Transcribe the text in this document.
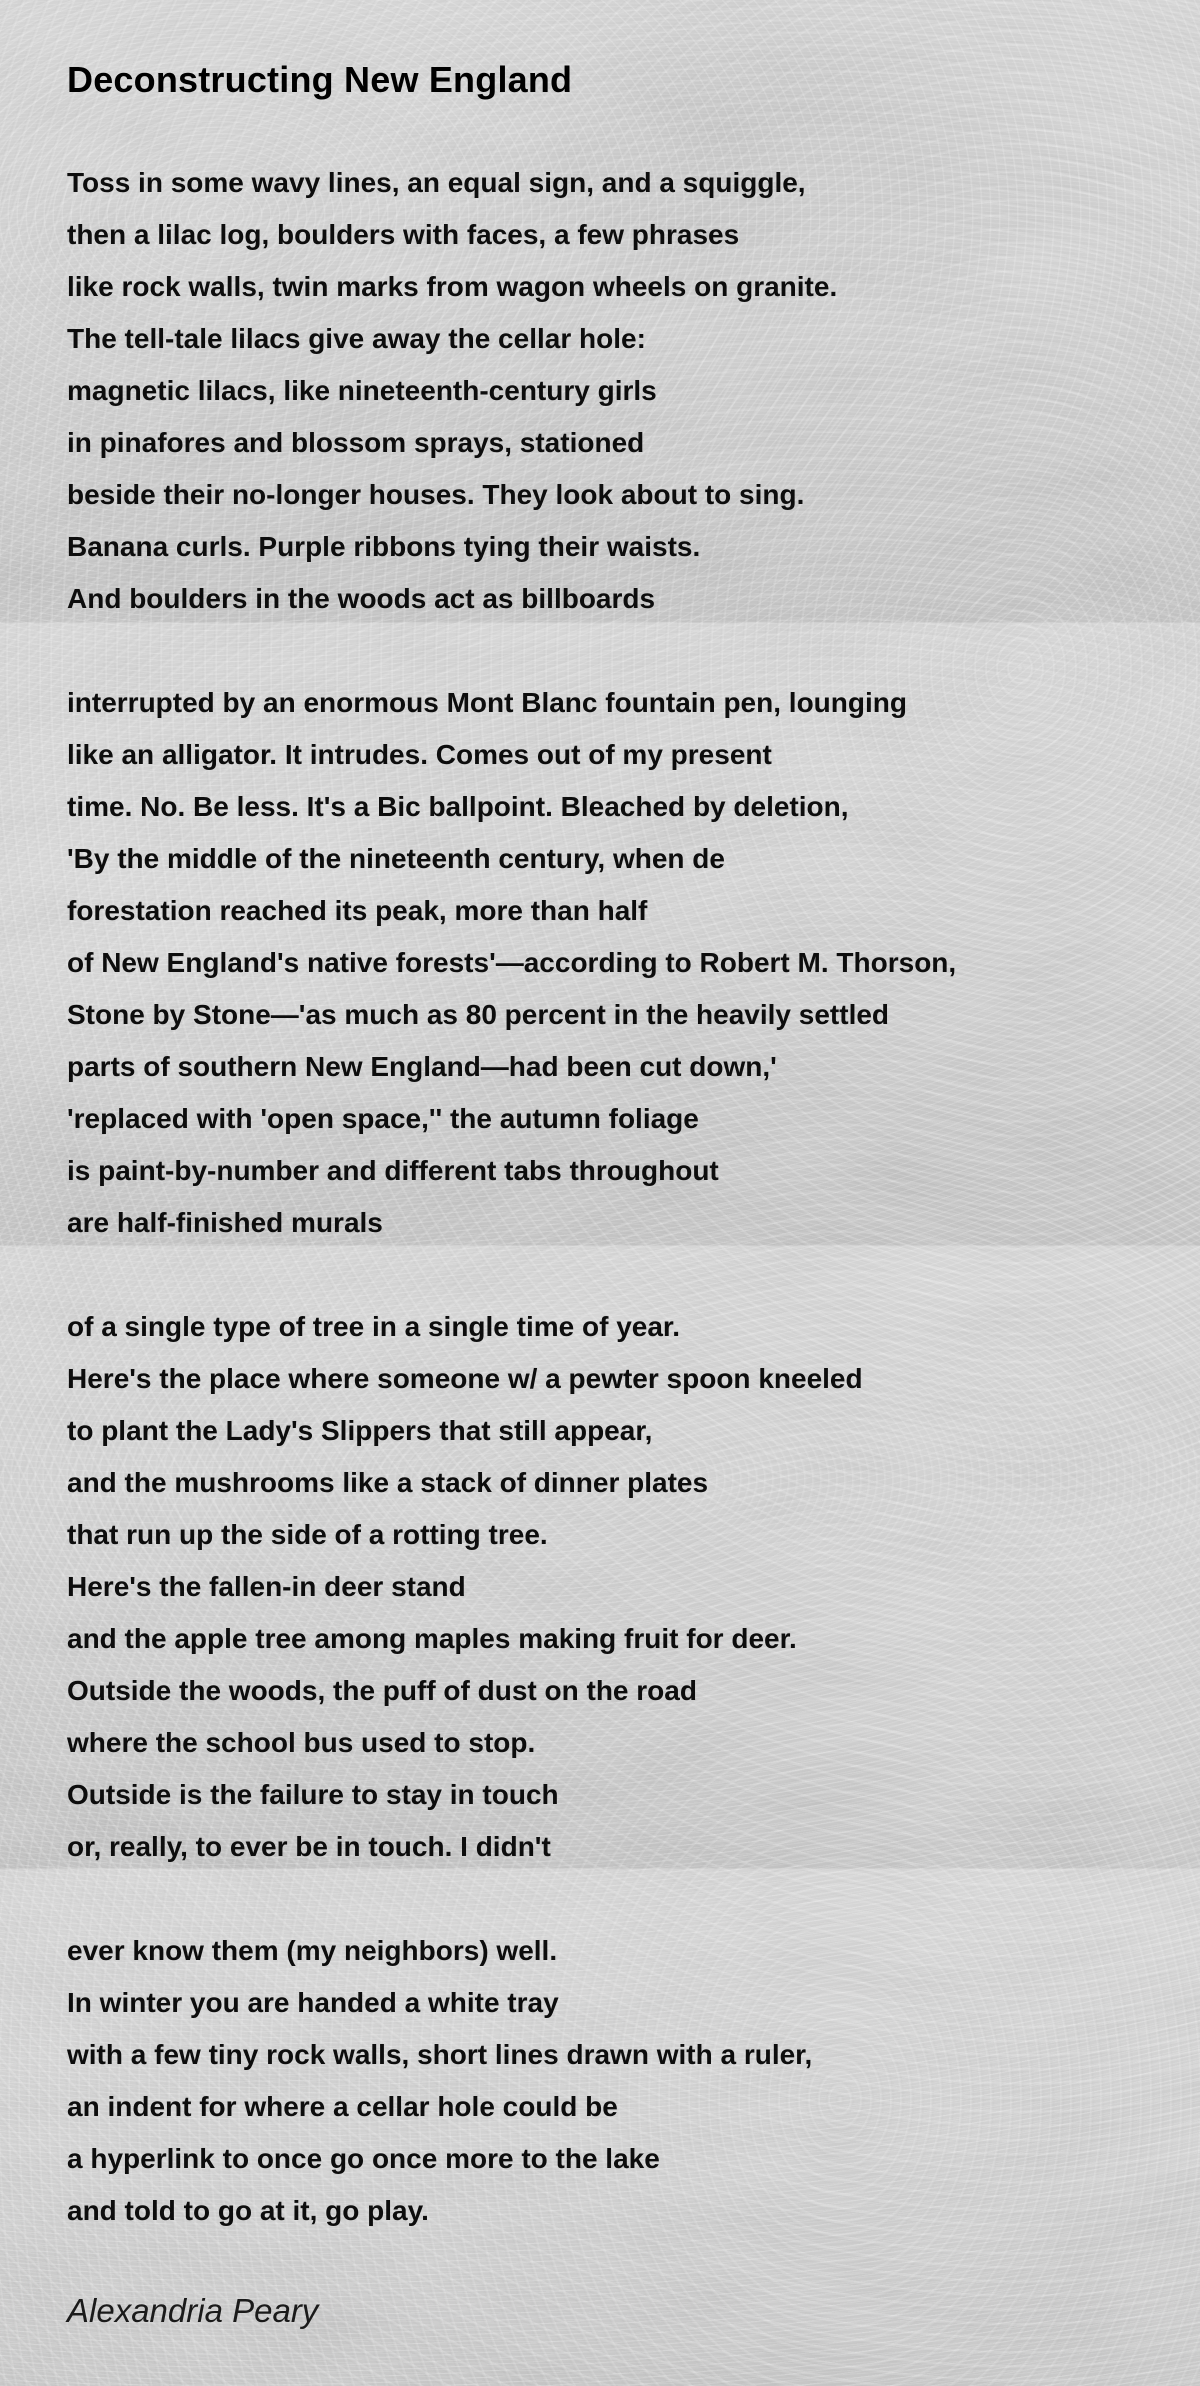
Deconstructing New England

Toss in some wavy lines, an equal sign, and a squiggle,

then a lilac log, boulders with faces, a few phrases

like rock walls, twin marks from wagon wheels on granite.

The tell-tale lilacs give away the cellar hole:

magnetic lilacs, like nineteenth-century girls

in pinafores and blossom sprays, stationed

beside their no-longer houses. They look about to sing.

Banana curls. Purple ribbons tying their waists.

And boulders in the woods act as billboards

interrupted by an enormous Mont Blanc fountain pen, lounging

like an alligator. It intrudes. Comes out of my present

time. No. Be less. It's a Bic ballpoint. Bleached by deletion,

'By the middle of the nineteenth century, when de

forestation reached its peak, more than half

of New England's native forests'—according to Robert M. Thorson,

Stone by Stone—'as much as 80 percent in the heavily settled

parts of southern New England—had been cut down,'

'replaced with 'open space,'' the autumn foliage

is paint-by-number and different tabs throughout

are half-finished murals

of a single type of tree in a single time of year.

Here's the place where someone w/ a pewter spoon kneeled

to plant the Lady's Slippers that still appear,

and the mushrooms like a stack of dinner plates

that run up the side of a rotting tree.

Here's the fallen-in deer stand

and the apple tree among maples making fruit for deer.

Outside the woods, the puff of dust on the road

where the school bus used to stop.

Outside is the failure to stay in touch

or, really, to ever be in touch. I didn't

ever know them (my neighbors) well.

In winter you are handed a white tray

with a few tiny rock walls, short lines drawn with a ruler,

an indent for where a cellar hole could be

a hyperlink to once go once more to the lake

and told to go at it, go play.

Alexandria Peary
